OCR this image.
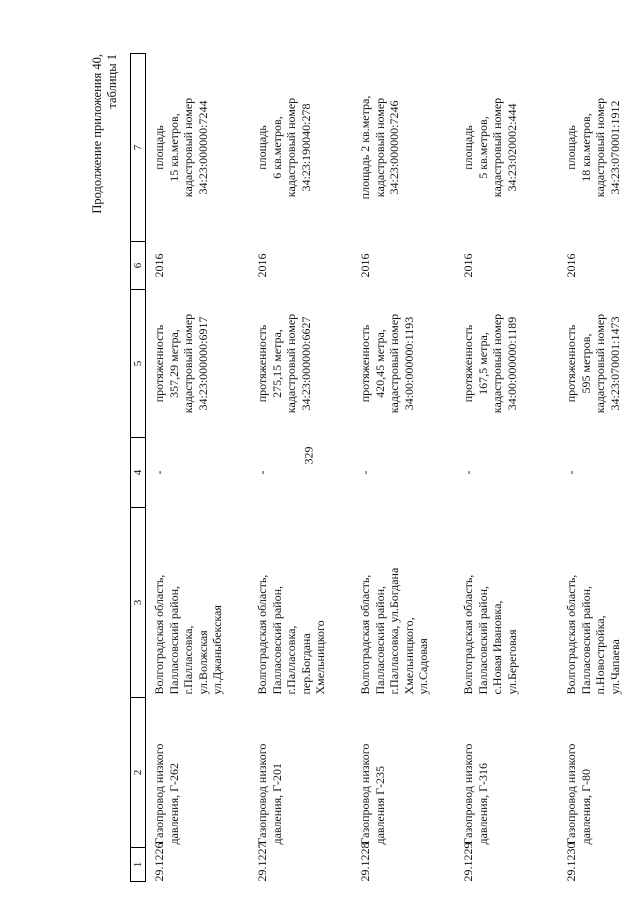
329
Продолжение приложения 40, таблицы 1
1	2	3	4	5	6	7
29.1226	Газопровод низкого давления, Г-262	Волгоградская область, Палласовский район, г.Палласовка, ул.Волжская ул.Джаныбекская	-	протяженность 357,29 метра, кадастровый номер 34:23:000000:6917	2016	площадь 15 кв.метров, кадастровый номер 34:23:000000:7244

29.1227	Газопровод низкого давления, Г-201	Волгоградская область, Палласовский район, г.Палласовка, пер.Богдана Хмельницкого	-	протяженность 275,15 метра, кадастровый номер 34:23:000000:6627	2016	площадь 6 кв.метров, кадастровый номер 34:23:190040:278

29.1228	Газопровод низкого давления Г-235	Волгоградская область, Палласовский район, г.Палласовка, ул.Богдана Хмельницкого, ул.Садовая	-	протяженность 420,45 метра, кадастровый номер 34:00:000000:1193	2016	площадь 2 кв.метра, кадастровый номер 34:23:000000:7246

29.1229	Газопровод низкого давления, Г-316	Волгоградская область, Палласовский район, с.Новая Ивановка, ул.Береговая	-	протяженность 167,5 метра, кадастровый номер 34:00:000000:1189	2016	площадь 5 кв.метров, кадастровый номер 34:23:020002:444

29.1230	Газопровод низкого давления, Г-80	Волгоградская область, Палласовский район, п.Новостройка, ул.Чапаева	-	протяженность 595 метров, кадастровый номер 34:23:070001:1473	2016	площадь 18 кв.метров, кадастровый номер 34:23:070001:1912
